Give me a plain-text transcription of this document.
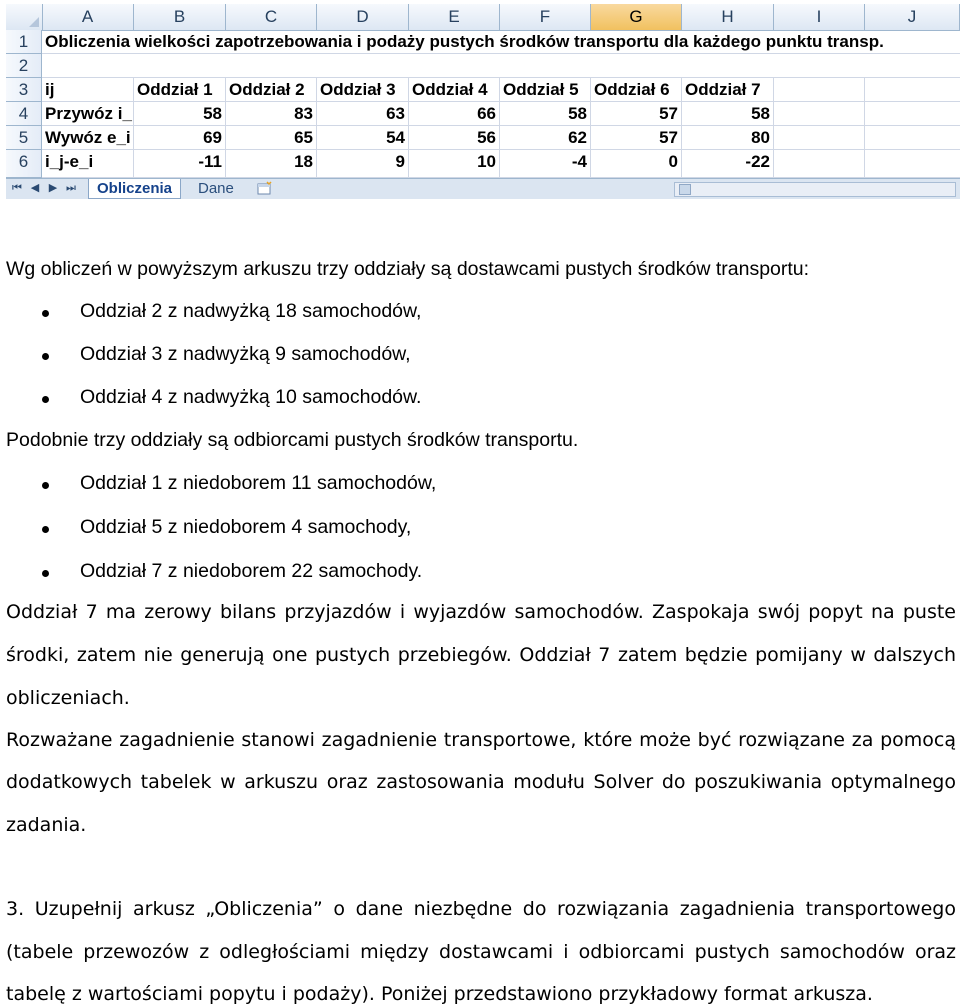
A	B	C	D	E	F	G	H	I	J
1
2
3
4
5
6
Obliczenia wielkości zapotrzebowania i podaży pustych środków transportu dla każdego punktu transp.
ij	Oddział 1 Oddział 2 Oddział 3 Oddział 4 Oddział 5 Oddział 6 Oddział 7
Przywóz i_	58	83	63	66	58	57	58
Wywóz e_i	69	65	54	56	62	57	80
i_j-e_i	-11	18	9	10	-4	0	-22
⏮ ◀ ▶ ⏭	Obliczenia	Dane
Wg obliczeń w powyższym arkuszu trzy oddziały są dostawcami pustych środków transportu:
Oddział 2 z nadwyżką 18 samochodów,
Oddział 3 z nadwyżką 9 samochodów,
Oddział 4 z nadwyżką 10 samochodów.
Podobnie trzy oddziały są odbiorcami pustych środków transportu.
Oddział 1 z niedoborem 11 samochodów,
Oddział 5 z niedoborem 4 samochody,
Oddział 7 z niedoborem 22 samochody.
Oddział 7 ma zerowy bilans przyjazdów i wyjazdów samochodów. Zaspokaja swój popyt na puste
środki, zatem nie generują one pustych przebiegów. Oddział 7 zatem będzie pomijany w dalszych
obliczeniach.
Rozważane zagadnienie stanowi zagadnienie transportowe, które może być rozwiązane za pomocą
dodatkowych tabelek w arkuszu oraz zastosowania modułu Solver do poszukiwania optymalnego
zadania.
3. Uzupełnij arkusz „Obliczenia” o dane niezbędne do rozwiązania zagadnienia transportowego
(tabele przewozów z odległościami między dostawcami i odbiorcami pustych samochodów oraz
tabelę z wartościami popytu i podaży). Poniżej przedstawiono przykładowy format arkusza.
